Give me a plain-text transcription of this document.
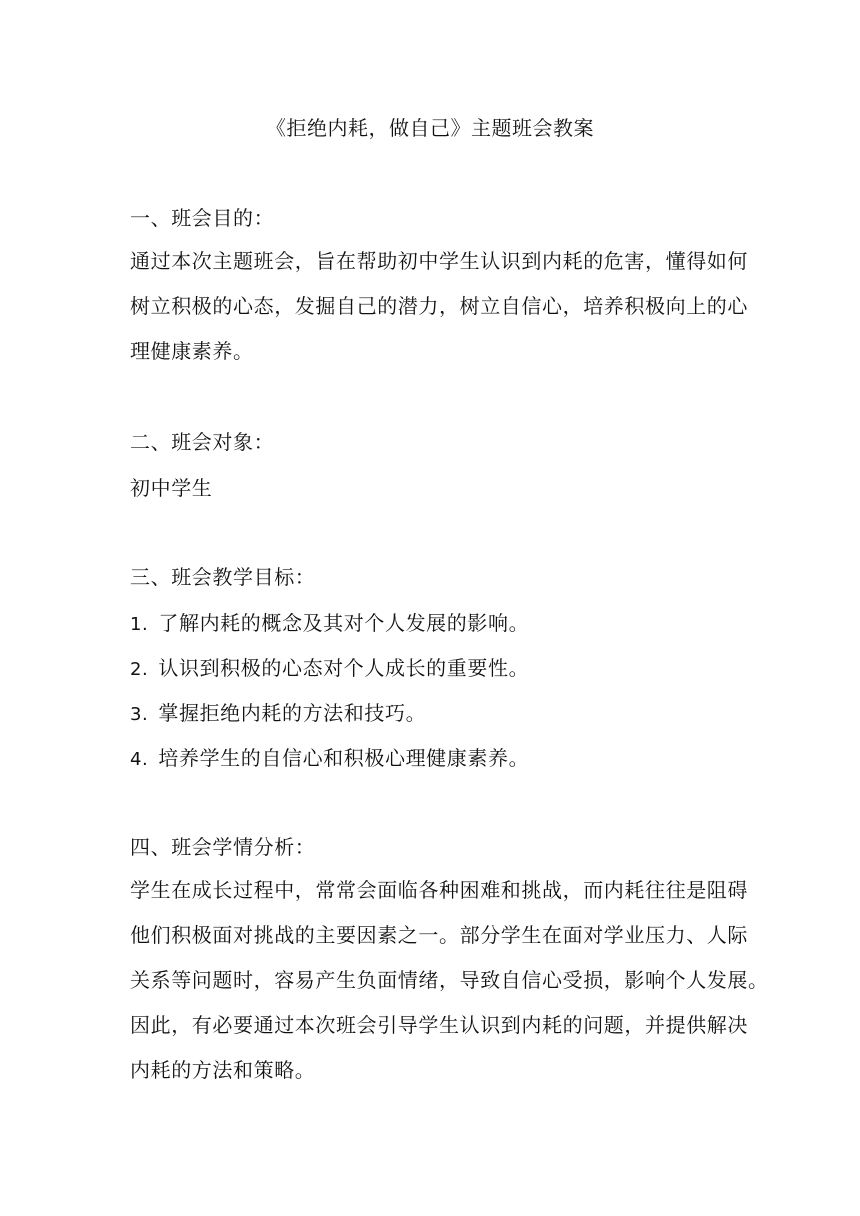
《拒绝内耗，做自己》主题班会教案
一、班会目的：
通过本次主题班会，旨在帮助初中学生认识到内耗的危害，懂得如何
树立积极的心态，发掘自己的潜力，树立自信心，培养积极向上的心
理健康素养。
二、班会对象：
初中学生
三、班会教学目标：
1. 了解内耗的概念及其对个人发展的影响。
2. 认识到积极的心态对个人成长的重要性。
3. 掌握拒绝内耗的方法和技巧。
4. 培养学生的自信心和积极心理健康素养。
四、班会学情分析：
学生在成长过程中，常常会面临各种困难和挑战，而内耗往往是阻碍
他们积极面对挑战的主要因素之一。部分学生在面对学业压力、人际
关系等问题时，容易产生负面情绪，导致自信心受损，影响个人发展。
因此，有必要通过本次班会引导学生认识到内耗的问题，并提供解决
内耗的方法和策略。
